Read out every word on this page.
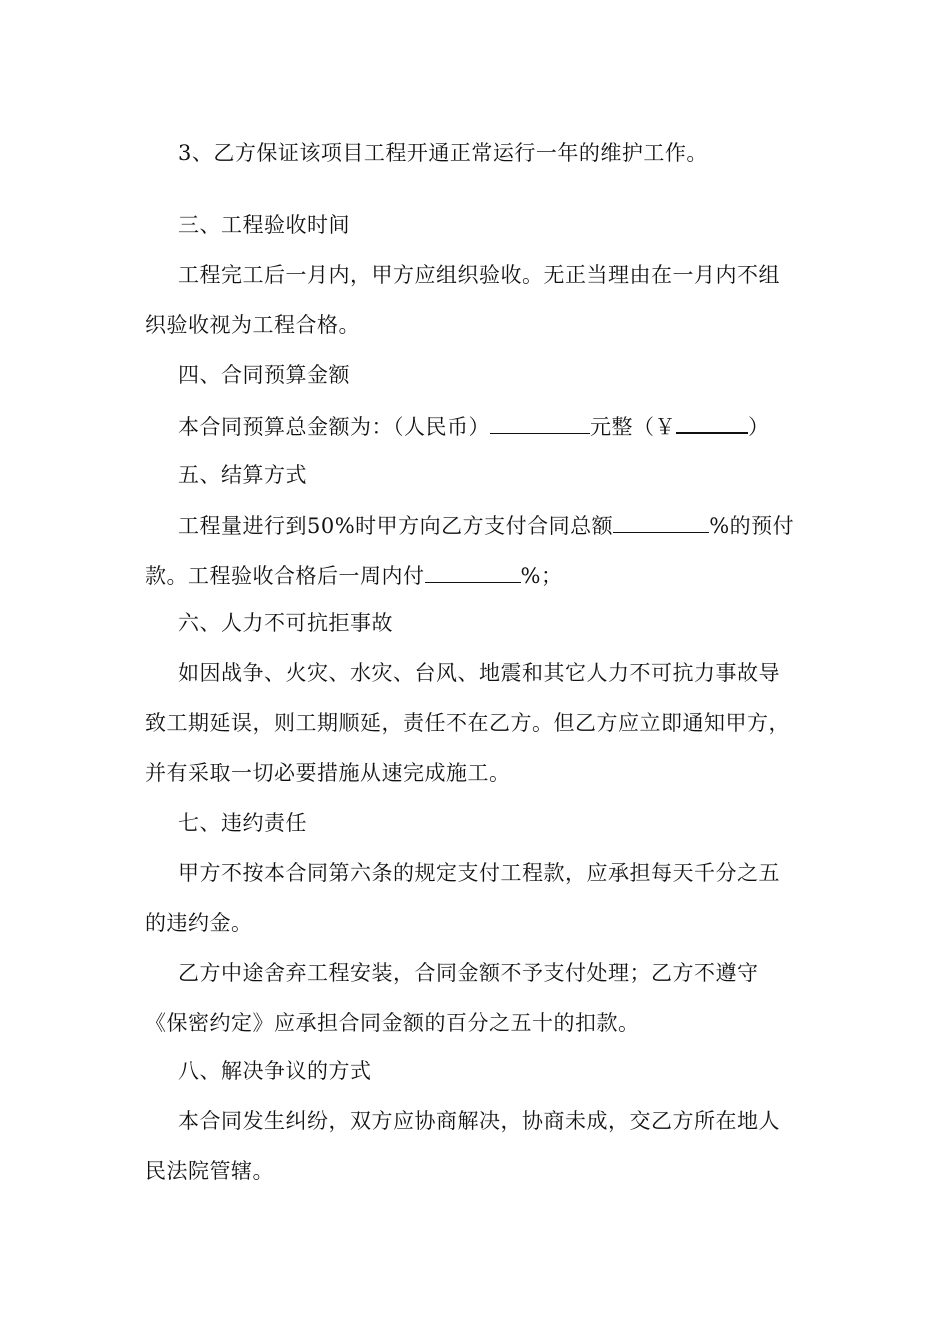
3、乙方保证该项目工程开通正常运行一年的维护工作。
三、工程验收时间
工程完工后一月内，甲方应组织验收。无正当理由在一月内不组
织验收视为工程合格。
四、合同预算金额
本合同预算总金额为：（人民币）	元整（￥	）
五、结算方式
工程量进行到50%时甲方向乙方支付合同总额	%的预付
款。工程验收合格后一周内付	%；
六、人力不可抗拒事故
如因战争、火灾、水灾、台风、地震和其它人力不可抗力事故导
致工期延误，则工期顺延，责任不在乙方。但乙方应立即通知甲方，
并有采取一切必要措施从速完成施工。
七、违约责任
甲方不按本合同第六条的规定支付工程款，应承担每天千分之五
的违约金。
乙方中途舍弃工程安装，合同金额不予支付处理；乙方不遵守
《保密约定》应承担合同金额的百分之五十的扣款。
八、解决争议的方式
本合同发生纠纷，双方应协商解决，协商未成，交乙方所在地人
民法院管辖。
